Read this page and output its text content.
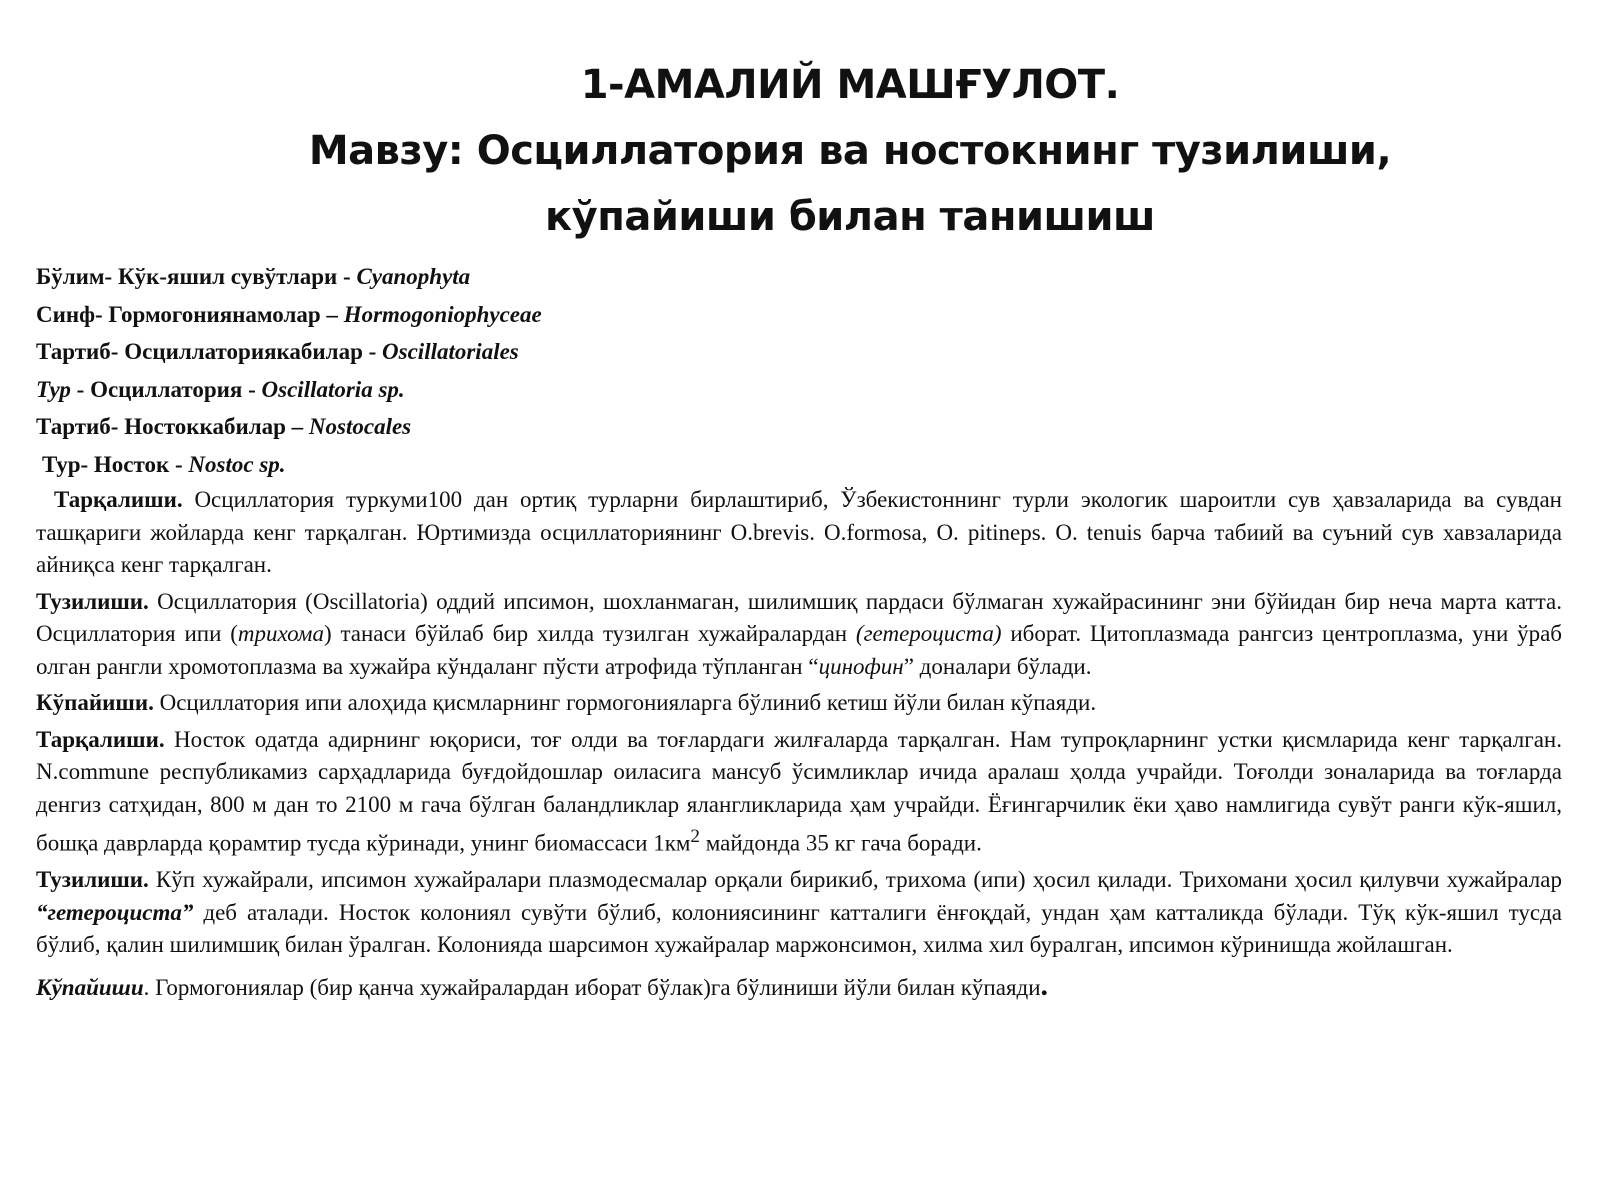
1-АМАЛИЙ МАШҒУЛОТ.
Мавзу: Осциллатория ва ностокнинг тузилиши,
кўпайиши билан танишиш
Бўлим- Кўк-яшил сувўтлари - Cyanophyta
Синф- Гормогониянамолар – Hormogoniophyceae
Тартиб- Осциллаториякабилар - Oscillatoriales
Тур - Осциллатория - Oscillatoria sp.
Тартиб- Ностоккабилар – Nostocales
Тур- Носток - Nostoc sp.

Тарқалиши. Осциллатория туркуми100 дан ортиқ турларни бирлаштириб, Ўзбекистоннинг турли экологик шароитли сув ҳавзаларида ва сувдан ташқариги жойларда кенг тарқалган. Юртимизда осциллаториянинг O.brevis. O.formosa, O. pitineps. O. tenuis барча табиий ва суъний сув хавзаларида айниқса кенг тарқалган.

Тузилиши. Осциллатория (Oscillatoria) оддий ипсимон, шохланмаган, шилимшиқ пардаси бўлмаган хужайрасининг эни бўйидан бир неча марта катта. Осциллатория ипи (трихома) танаси бўйлаб бир хилда тузилган хужайралардан (гетероциста) иборат. Цитоплазмада рангсиз центроплазма, уни ўраб олган рангли хромотоплазма ва хужайра кўндаланг пўсти атрофида тўпланган “цинофин” доналари бўлади.

Кўпайиши. Осциллатория ипи алоҳида қисмларнинг гормогонияларга бўлиниб кетиш йўли билан кўпаяди.

Тарқалиши. Носток одатда адирнинг юқориси, тоғ олди ва тоғлардаги жилғаларда тарқалган. Нам тупроқларнинг устки қисмларида кенг тарқалган. N.commune республикамиз сарҳадларида буғдойдошлар оиласига мансуб ўсимликлар ичида аралаш ҳолда учрайди. Тоғолди зоналарида ва тоғларда денгиз сатҳидан, 800 м дан то 2100 м гача бўлган баландликлар ялангликларида ҳам учрайди. Ёғингарчилик ёки ҳаво намлигида сувўт ранги кўк-яшил, бошқа даврларда қорамтир тусда кўринади, унинг биомассаси $1км^2$ майдонда 35 кг гача боради.

Тузилиши. Кўп хужайрали, ипсимон хужайралари плазмодесмалар орқали бирикиб, трихома (ипи) ҳосил қилади. Трихомани ҳосил қилувчи хужайралар “гетероциста” деб аталади. Носток колониял сувўти бўлиб, колониясининг катталиги ёнғоқдай, ундан ҳам катталикда бўлади. Тўқ кўк-яшил тусда бўлиб, қалин шилимшиқ билан ўралган. Колонияда шарсимон хужайралар маржонсимон, хилма хил буралган, ипсимон кўринишда жойлашган.

Кўпайиши. Гормогониялар (бир қанча хужайралардан иборат бўлак)га бўлиниши йўли билан кўпаяди.
